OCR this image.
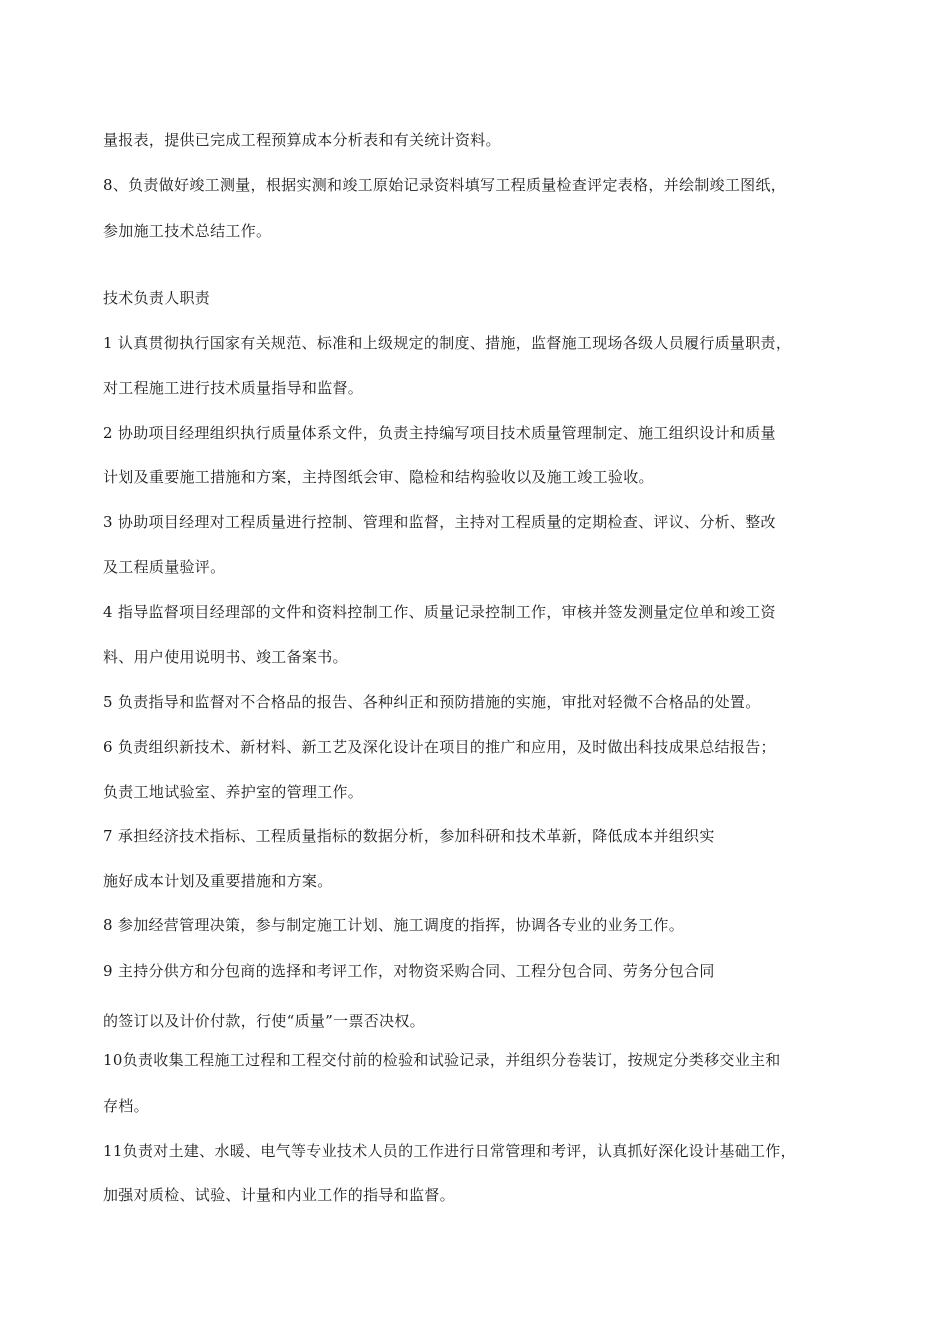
量报表，提供已完成工程预算成本分析表和有关统计资料。
8、负责做好竣工测量，根据实测和竣工原始记录资料填写工程质量检查评定表格，并绘制竣工图纸，
参加施工技术总结工作。
技术负责人职责
1 认真贯彻执行国家有关规范、标准和上级规定的制度、措施，监督施工现场各级人员履行质量职责，
对工程施工进行技术质量指导和监督。
2 协助项目经理组织执行质量体系文件，负责主持编写项目技术质量管理制定、施工组织设计和质量
计划及重要施工措施和方案，主持图纸会审、隐检和结构验收以及施工竣工验收。
3 协助项目经理对工程质量进行控制、管理和监督，主持对工程质量的定期检查、评议、分析、整改
及工程质量验评。
4 指导监督项目经理部的文件和资料控制工作、质量记录控制工作，审核并签发测量定位单和竣工资
料、用户使用说明书、竣工备案书。
5 负责指导和监督对不合格品的报告、各种纠正和预防措施的实施，审批对轻微不合格品的处置。
6 负责组织新技术、新材料、新工艺及深化设计在项目的推广和应用，及时做出科技成果总结报告；
负责工地试验室、养护室的管理工作。
7 承担经济技术指标、工程质量指标的数据分析，参加科研和技术革新，降低成本并组织实
施好成本计划及重要措施和方案。
8 参加经营管理决策，参与制定施工计划、施工调度的指挥，协调各专业的业务工作。
9 主持分供方和分包商的选择和考评工作，对物资采购合同、工程分包合同、劳务分包合同
的签订以及计价付款，行使“质量”一票否决权。
10负责收集工程施工过程和工程交付前的检验和试验记录，并组织分卷装订，按规定分类移交业主和
存档。
11负责对土建、水暖、电气等专业技术人员的工作进行日常管理和考评，认真抓好深化设计基础工作，
加强对质检、试验、计量和内业工作的指导和监督。
